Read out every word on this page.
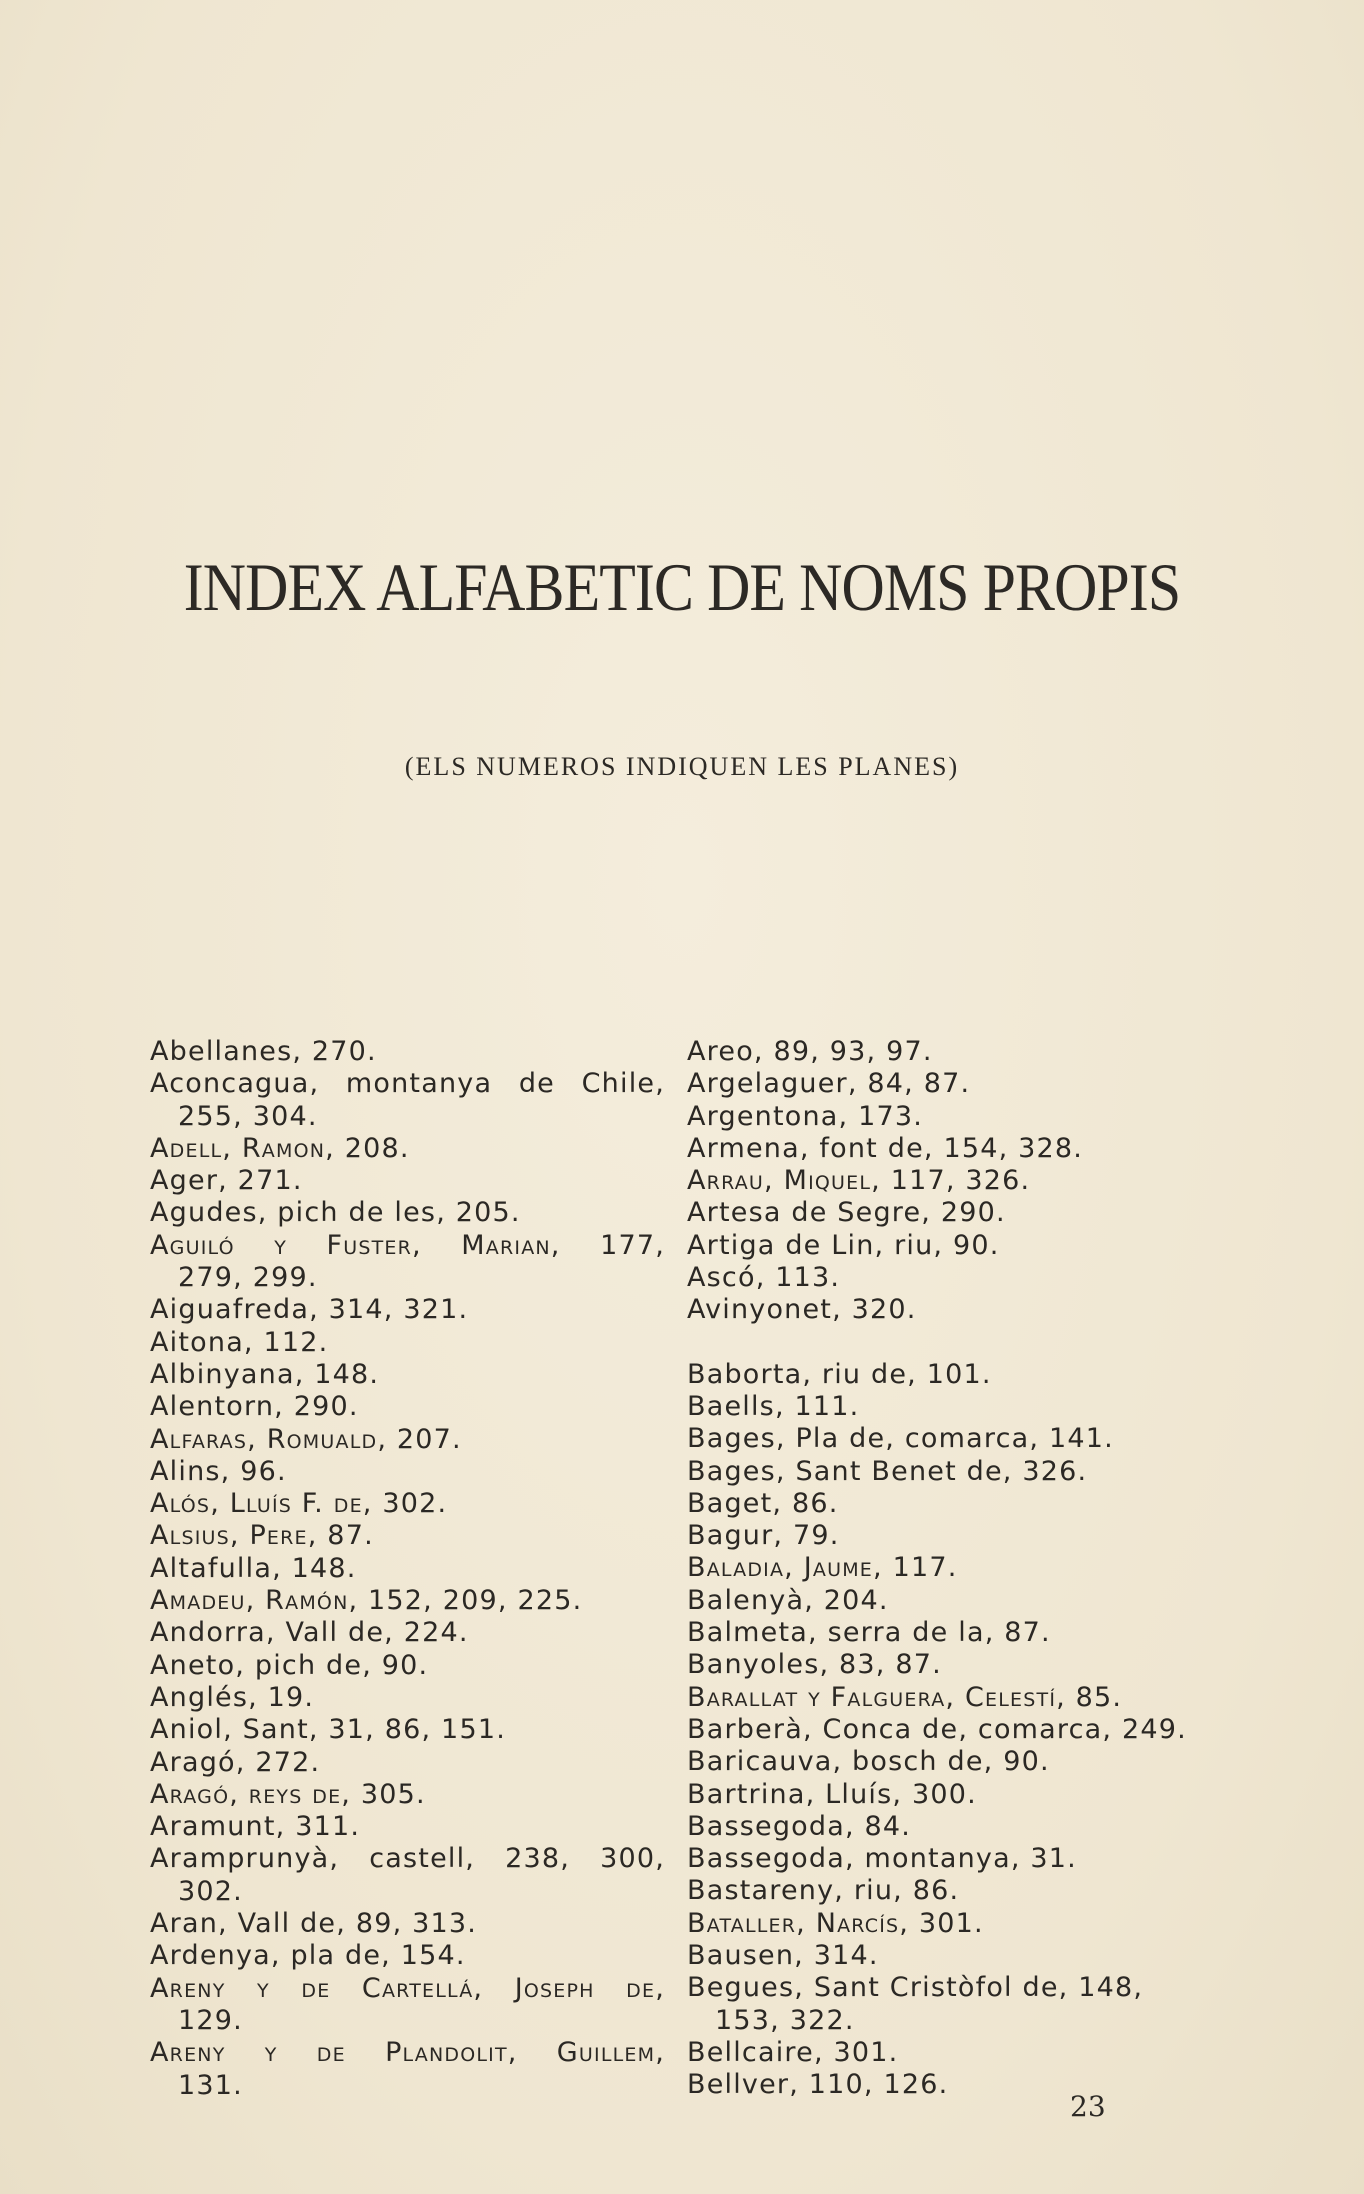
INDEX ALFABETIC DE NOMS PROPIS
(ELS NUMEROS INDIQUEN LES PLANES)

Abellanes, 270.

Aconcagua, montanya de Chile,

255, 304.

Adell, Ramon, 208.

Ager, 271.

Agudes, pich de les, 205.

Aguiló y Fuster, Marian, 177,

279, 299.

Aiguafreda, 314, 321.

Aitona, 112.

Albinyana, 148.

Alentorn, 290.

Alfaras, Romuald, 207.

Alins, 96.

Alós, Lluís F. de, 302.

Alsius, Pere, 87.

Altafulla, 148.

Amadeu, Ramón, 152, 209, 225.

Andorra, Vall de, 224.

Aneto, pich de, 90.

Anglés, 19.

Aniol, Sant, 31, 86, 151.

Aragó, 272.

Aragó, reys de, 305.

Aramunt, 311.

Aramprunyà, castell, 238, 300,

302.

Aran, Vall de, 89, 313.

Ardenya, pla de, 154.

Areny y de Cartellá, Joseph de,

129.

Areny y de Plandolit, Guillem,

131.

Areo, 89, 93, 97.

Argelaguer, 84, 87.

Argentona, 173.

Armena, font de, 154, 328.

Arrau, Miquel, 117, 326.

Artesa de Segre, 290.

Artiga de Lin, riu, 90.

Ascó, 113.

Avinyonet, 320.

Baborta, riu de, 101.

Baells, 111.

Bages, Pla de, comarca, 141.

Bages, Sant Benet de, 326.

Baget, 86.

Bagur, 79.

Baladia, Jaume, 117.

Balenyà, 204.

Balmeta, serra de la, 87.

Banyoles, 83, 87.

Barallat y Falguera, Celestí, 85.

Barberà, Conca de, comarca, 249.

Baricauva, bosch de, 90.

Bartrina, Lluís, 300.

Bassegoda, 84.

Bassegoda, montanya, 31.

Bastareny, riu, 86.

Bataller, Narcís, 301.

Bausen, 314.

Begues, Sant Cristòfol de, 148,

153, 322.

Bellcaire, 301.

Bellver, 110, 126.

23
